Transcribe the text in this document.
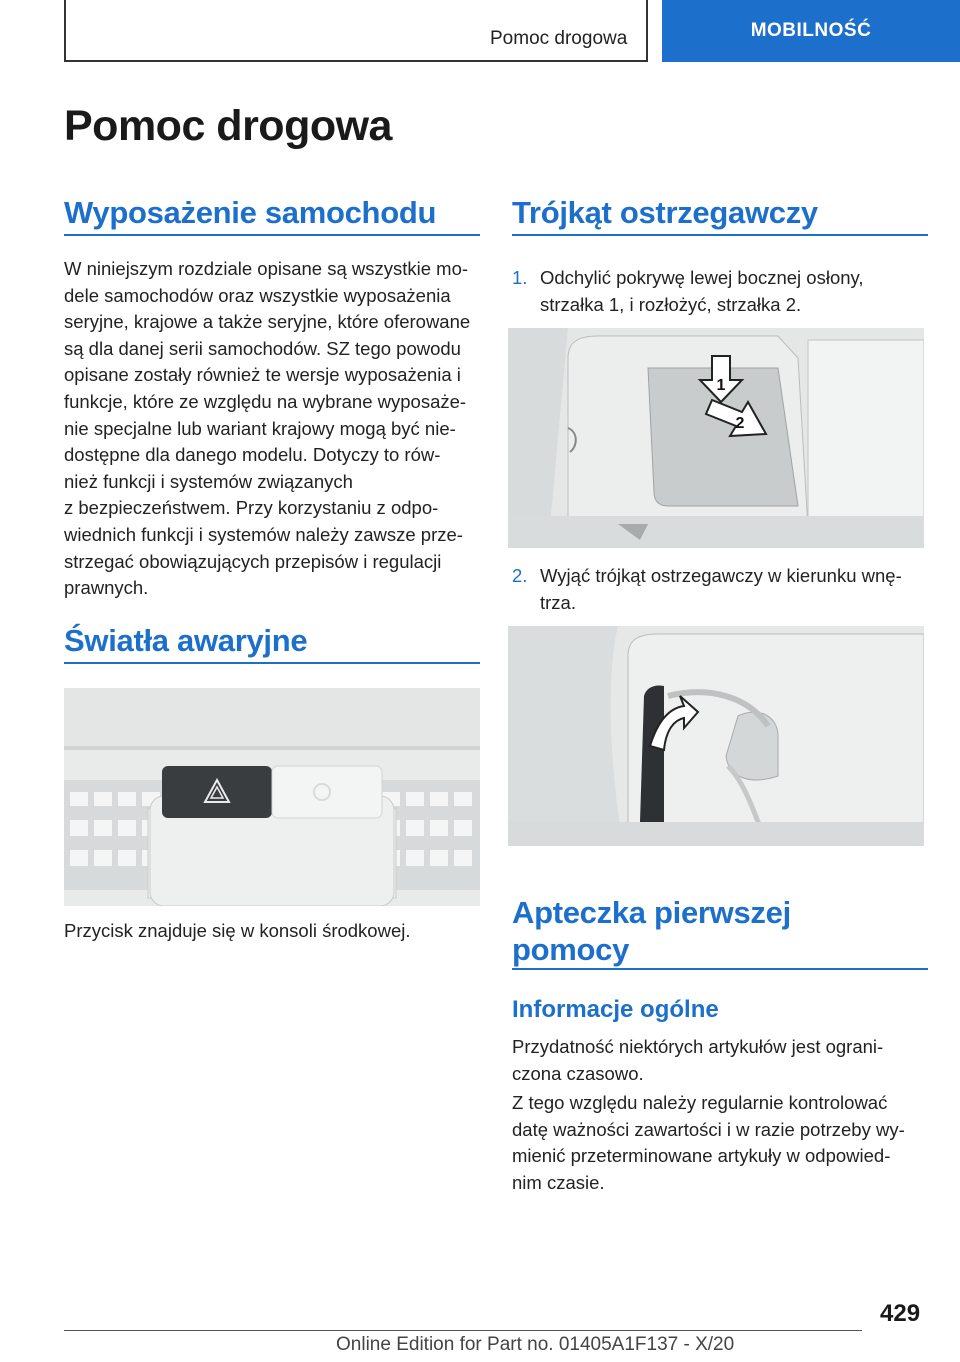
Pomoc drogowa	MOBILNOŚĆ
Pomoc drogowa
Wyposażenie samochodu
W niniejszym rozdziale opisane są wszystkie mo‐
dele samochodów oraz wszystkie wyposażenia
seryjne, krajowe a także seryjne, które oferowane
są dla danej serii samochodów. SZ tego powodu
opisane zostały również te wersje wyposażenia i
funkcje, które ze względu na wybrane wyposaże‐
nie specjalne lub wariant krajowy mogą być nie‐
dostępne dla danego modelu. Dotyczy to rów‐
nież funkcji i systemów związanych
z bezpieczeństwem. Przy korzystaniu z odpo‐
wiednich funkcji i systemów należy zawsze prze‐
strzegać obowiązujących przepisów i regulacji
prawnych.
Światła awaryjne
Przycisk znajduje się w konsoli środkowej.
Trójkąt ostrzegawczy
1. Odchylić pokrywę lewej bocznej osłony,
strzałka 1, i rozłożyć, strzałka 2.
1
2
2. Wyjąć trójkąt ostrzegawczy w kierunku wnę‐
trza.
Apteczka pierwszej
pomocy
Informacje ogólne
Przydatność niektórych artykułów jest ograni‐
czona czasowo.
Z tego względu należy regularnie kontrolować
datę ważności zawartości i w razie potrzeby wy‐
mienić przeterminowane artykuły w odpowied‐
nim czasie.
429
Online Edition for Part no. 01405A1F137 - X/20
